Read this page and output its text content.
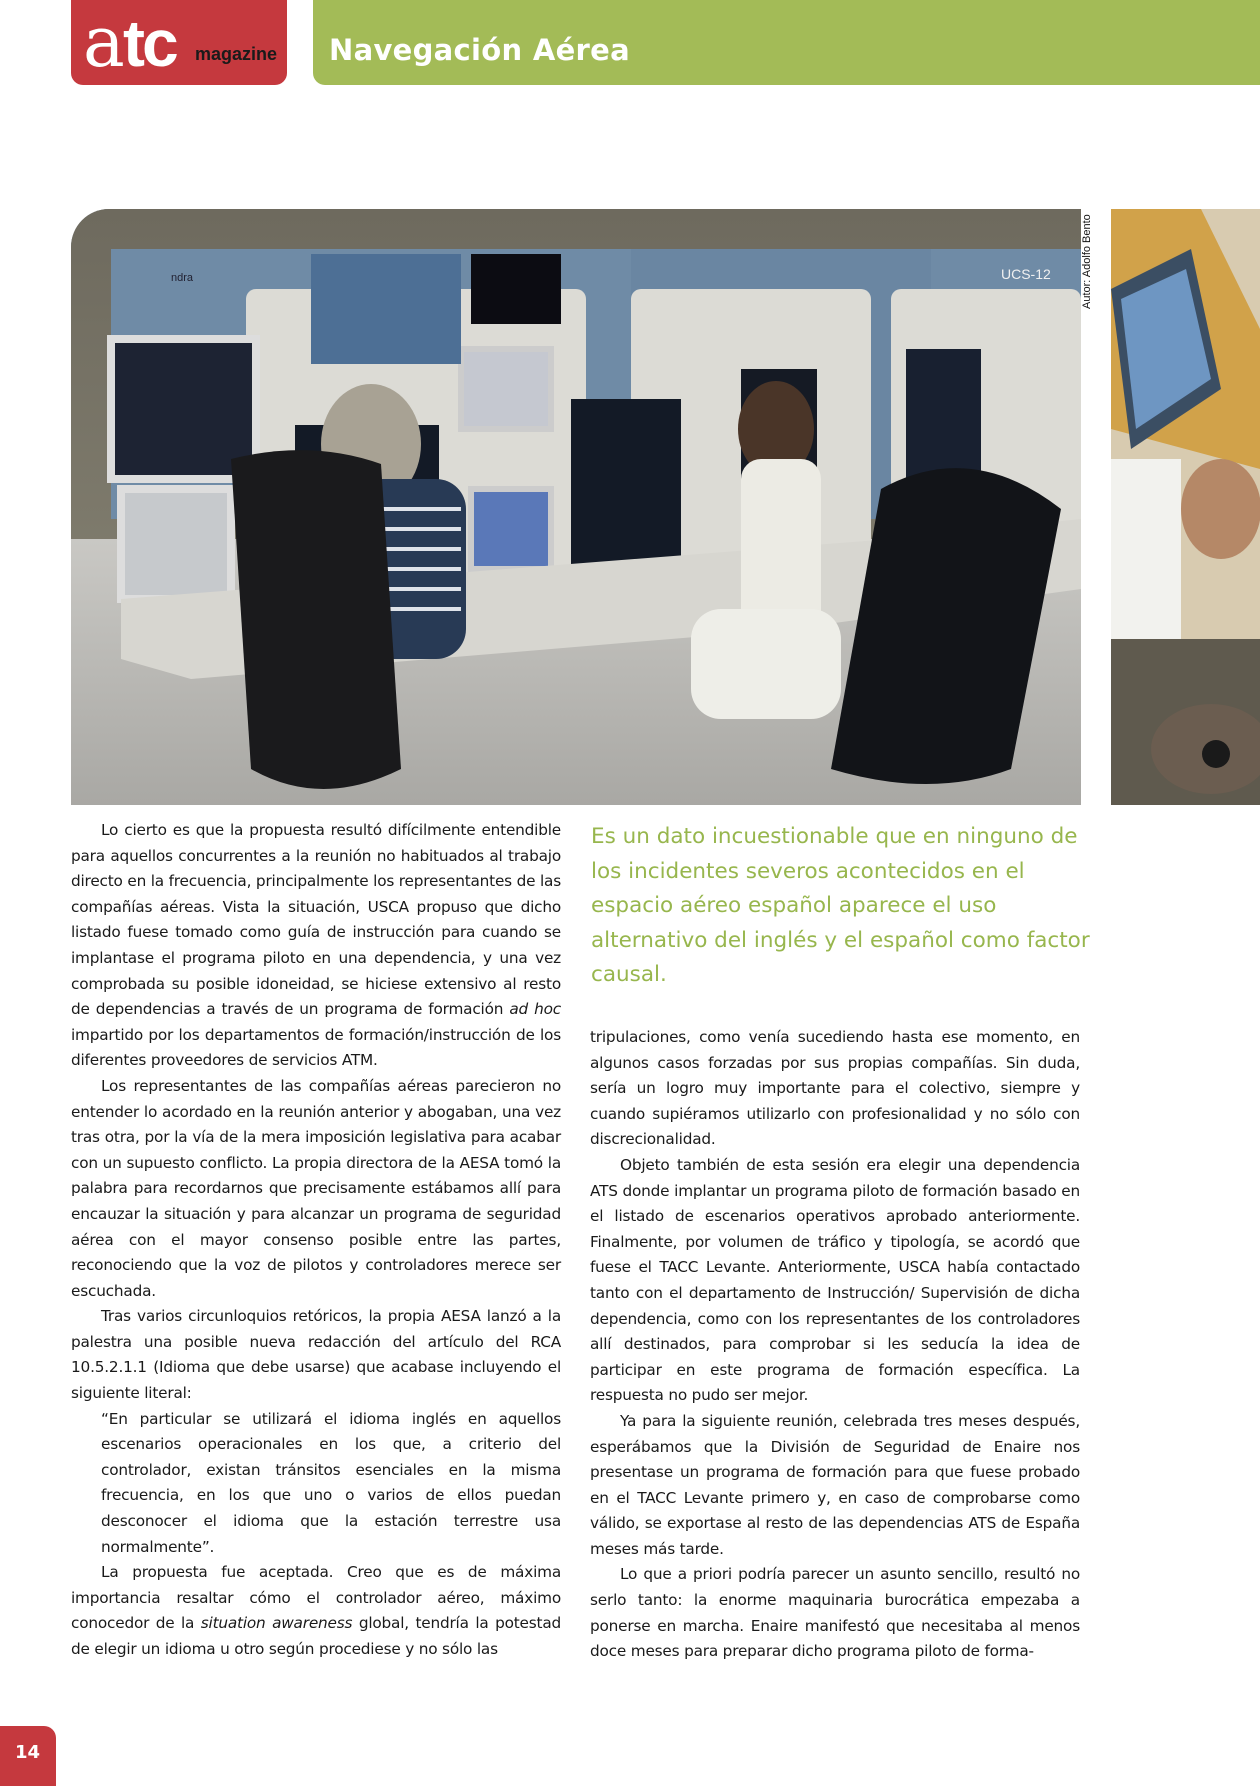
a tc magazine Navegación Aérea
ndra	UCS-12	Autor: Adolfo Bento

Lo cierto es que la propuesta resultó difícilmente entendible para aquellos concurrentes a la reunión no habituados al trabajo directo en la frecuencia, principalmente los representantes de las compañías aéreas. Vista la situación, USCA propuso que dicho listado fuese tomado como guía de instrucción para cuando se implantase el programa piloto en una dependencia, y una vez comprobada su posible idoneidad, se hiciese extensivo al resto de dependencias a través de un programa de formación ad hoc impartido por los departamentos de formación/instrucción de los diferentes proveedores de servicios ATM.

Los representantes de las compañías aéreas parecieron no entender lo acordado en la reunión anterior y abogaban, una vez tras otra, por la vía de la mera imposición legislativa para acabar con un supuesto conflicto. La propia directora de la AESA tomó la palabra para recordarnos que precisamente estábamos allí para encauzar la situación y para alcanzar un programa de seguridad aérea con el mayor consenso posible entre las partes, reconociendo que la voz de pilotos y controladores merece ser escuchada.

Tras varios circunloquios retóricos, la propia AESA lanzó a la palestra una posible nueva redacción del artículo del RCA 10.5.2.1.1 (Idioma que debe usarse) que acabase incluyendo el siguiente literal:

“En particular se utilizará el idioma inglés en aquellos escenarios operacionales en los que, a criterio del controlador, existan tránsitos esenciales en la misma frecuencia, en los que uno o varios de ellos puedan desconocer el idioma que la estación terrestre usa normalmente”.

La propuesta fue aceptada. Creo que es de máxima importancia resaltar cómo el controlador aéreo, máximo conocedor de la situation awareness global, tendría la potestad de elegir un idioma u otro según procediese y no sólo las

Es un dato incuestionable que en ninguno de los incidentes severos acontecidos en el espacio aéreo español aparece el uso alternativo del inglés y el español como factor causal.

tripulaciones, como venía sucediendo hasta ese momento, en algunos casos forzadas por sus propias compañías. Sin duda, sería un logro muy importante para el colectivo, siempre y cuando supiéramos utilizarlo con profesionalidad y no sólo con discrecionalidad.

Objeto también de esta sesión era elegir una dependencia ATS donde implantar un programa piloto de formación basado en el listado de escenarios operativos aprobado anteriormente. Finalmente, por volumen de tráfico y tipología, se acordó que fuese el TACC Levante. Anteriormente, USCA había contactado tanto con el departamento de Instrucción/ Supervisión de dicha dependencia, como con los representantes de los controladores allí destinados, para comprobar si les seducía la idea de participar en este programa de formación específica. La respuesta no pudo ser mejor.

Ya para la siguiente reunión, celebrada tres meses después, esperábamos que la División de Seguridad de Enaire nos presentase un programa de formación para que fuese probado en el TACC Levante primero y, en caso de comprobarse como válido, se exportase al resto de las dependencias ATS de España meses más tarde.

Lo que a priori podría parecer un asunto sencillo, resultó no serlo tanto: la enorme maquinaria burocrática empezaba a ponerse en marcha. Enaire manifestó que necesitaba al menos doce meses para preparar dicho programa piloto de forma-

14
